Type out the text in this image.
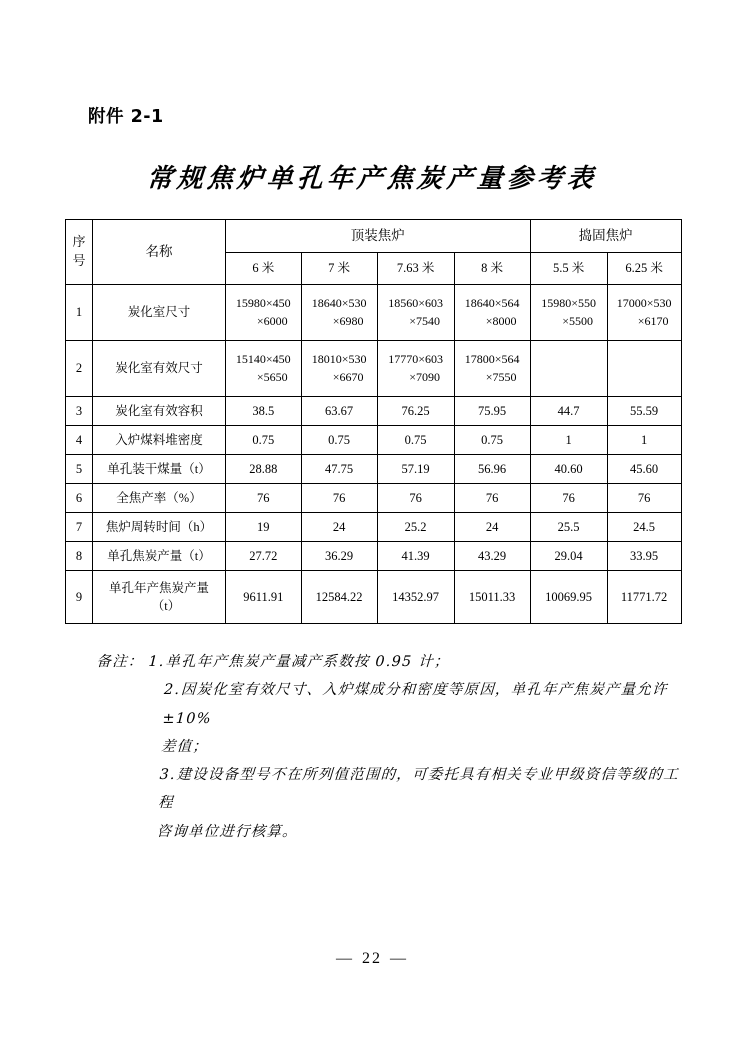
附件 2-1
常规焦炉单孔年产焦炭产量参考表
序
号	名称	顶装焦炉				捣固焦炉	
		6 米	7 米	7.63 米	8 米	5.5 米	6.25 米
1	炭化室尺寸	15980×450
×6000	18640×530
×6980	18560×603
×7540	18640×564
×8000	15980×550
×5500	17000×530
×6170

2	炭化室有效尺寸	15140×450
×5650	18010×530
×6670	17770×603
×7090	17800×564
×7550		

3	炭化室有效容积	38.5	63.67	76.25	75.95	44.7	55.59
4	入炉煤料堆密度	0.75	0.75	0.75	0.75	1	1
5	单孔装干煤量（t）	28.88	47.75	57.19	56.96	40.60	45.60
6	全焦产率（%）	76	76	76	76	76	76
7	焦炉周转时间（h）	19	24	25.2	24	25.5	24.5
8	单孔焦炭产量（t）	27.72	36.29	41.39	43.29	29.04	33.95
9	单孔年产焦炭产量
（t）	9611.91	12584.22	14352.97	15011.33	10069.95	11771.72
备注： 1.单孔年产焦炭产量减产系数按 0.95 计；
2.因炭化室有效尺寸、入炉煤成分和密度等原因，单孔年产焦炭产量允许±10%
差值；
3.建设设备型号不在所列值范围的，可委托具有相关专业甲级资信等级的工程
咨询单位进行核算。
— 22 —
